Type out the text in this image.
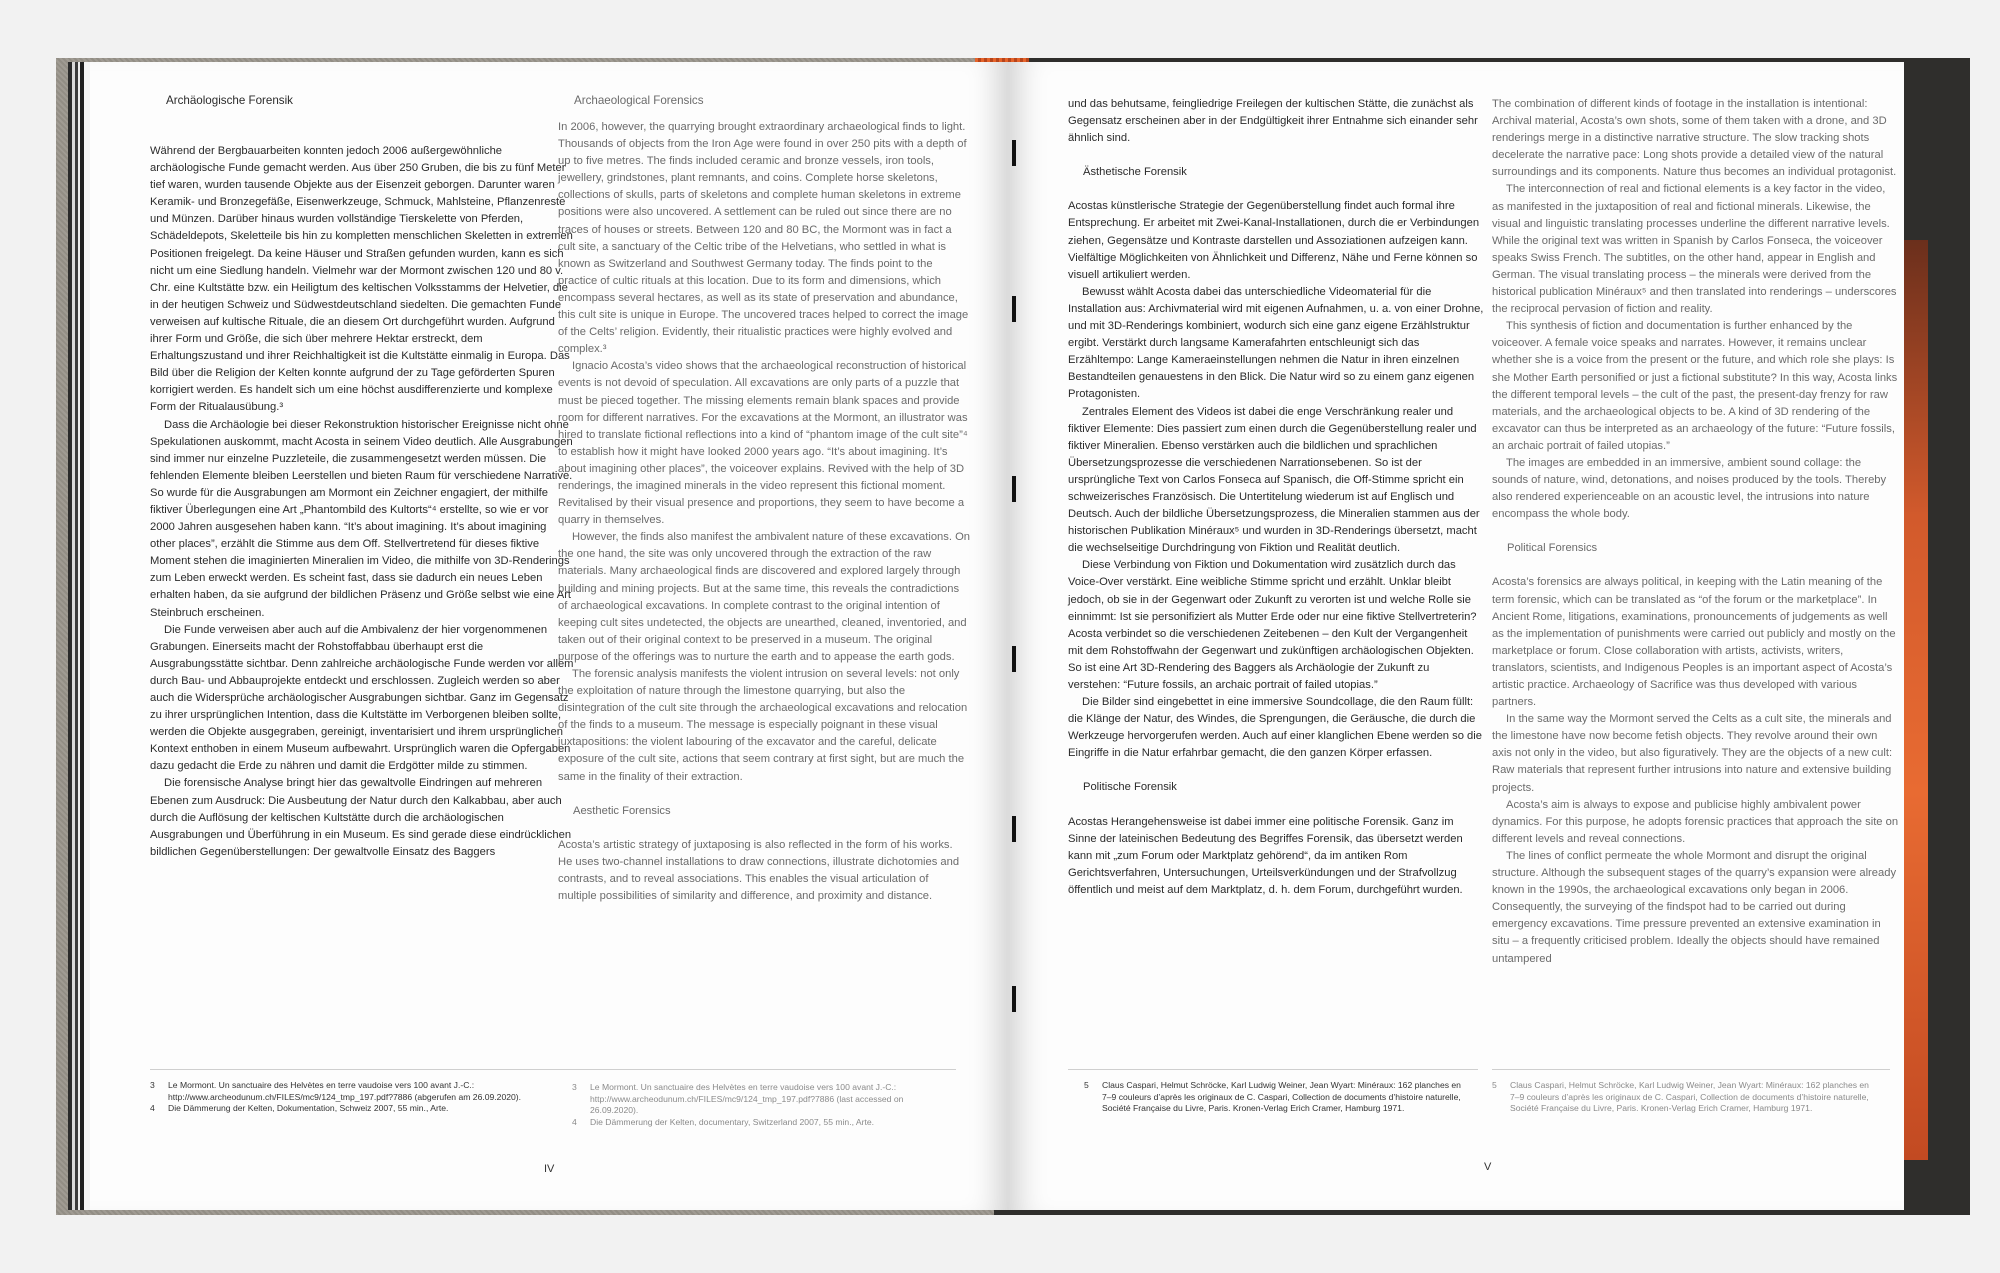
Archäologische Forensik

Während der Bergbauarbeiten konnten jedoch 2006 außergewöhnliche archäologische Funde gemacht werden. Aus über 250 Gruben, die bis zu fünf Meter tief waren, wurden tausende Objekte aus der Eisenzeit geborgen. Darunter waren Keramik- und Bronzegefäße, Eisenwerkzeuge, Schmuck, Mahlsteine, Pflanzenreste und Münzen. Darüber hinaus wurden vollständige Tierskelette von Pferden, Schädeldepots, Skeletteile bis hin zu kompletten menschlichen Skeletten in extremen Positionen freigelegt. Da keine Häuser und Straßen gefunden wurden, kann es sich nicht um eine Siedlung handeln. Vielmehr war der Mormont zwischen 120 und 80 v. Chr. eine Kultstätte bzw. ein Heiligtum des keltischen Volksstamms der Helvetier, die in der heutigen Schweiz und Südwestdeutschland siedelten. Die gemachten Funde verweisen auf kultische Rituale, die an diesem Ort durchgeführt wurden. Aufgrund ihrer Form und Größe, die sich über mehrere Hektar erstreckt, dem Erhaltungszustand und ihrer Reichhaltigkeit ist die Kultstätte einmalig in Europa. Das Bild über die Religion der Kelten konnte aufgrund der zu Tage geförderten Spuren korrigiert werden. Es handelt sich um eine höchst ausdifferenzierte und komplexe Form der Ritualausübung.³

Dass die Archäologie bei dieser Rekonstruktion historischer Ereignisse nicht ohne Spekulationen auskommt, macht Acosta in seinem Video deutlich. Alle Ausgrabungen sind immer nur einzelne Puzzleteile, die zusammengesetzt werden müssen. Die fehlenden Elemente bleiben Leerstellen und bieten Raum für verschiedene Narrative. So wurde für die Ausgrabungen am Mormont ein Zeichner engagiert, der mithilfe fiktiver Überlegungen eine Art „Phantombild des Kultorts“⁴ erstellte, so wie er vor 2000 Jahren ausgesehen haben kann. “It’s about imagining. It’s about imagining other places”, erzählt die Stimme aus dem Off. Stellvertretend für dieses fiktive Moment stehen die imaginierten Mineralien im Video, die mithilfe von 3D-Renderings zum Leben erweckt werden. Es scheint fast, dass sie dadurch ein neues Leben erhalten haben, da sie aufgrund der bildlichen Präsenz und Größe selbst wie eine Art Steinbruch erscheinen.

Die Funde verweisen aber auch auf die Ambivalenz der hier vorgenommenen Grabungen. Einerseits macht der Rohstoffabbau überhaupt erst die Ausgrabungsstätte sichtbar. Denn zahlreiche archäologische Funde werden vor allem durch Bau- und Abbauprojekte entdeckt und erschlossen. Zugleich werden so aber auch die Widersprüche archäologischer Ausgrabungen sichtbar. Ganz im Gegensatz zu ihrer ursprünglichen Intention, dass die Kultstätte im Verborgenen bleiben sollte, werden die Objekte ausgegraben, gereinigt, inventarisiert und ihrem ursprünglichen Kontext enthoben in einem Museum aufbewahrt. Ursprünglich waren die Opfergaben dazu gedacht die Erde zu nähren und damit die Erdgötter milde zu stimmen.

Die forensische Analyse bringt hier das gewaltvolle Eindringen auf mehreren Ebenen zum Ausdruck: Die Ausbeutung der Natur durch den Kalkabbau, aber auch durch die Auflösung der keltischen Kultstätte durch die archäologischen Ausgrabungen und Überführung in ein Museum. Es sind gerade diese eindrücklichen bildlichen Gegenüberstellungen: Der gewaltvolle Einsatz des Baggers

Archaeological Forensics

In 2006, however, the quarrying brought extraordinary archaeological finds to light. Thousands of objects from the Iron Age were found in over 250 pits with a depth of up to five metres. The finds included ceramic and bronze vessels, iron tools, jewellery, grindstones, plant remnants, and coins. Complete horse skeletons, collections of skulls, parts of skeletons and complete human skeletons in extreme positions were also uncovered. A settlement can be ruled out since there are no traces of houses or streets. Between 120 and 80 BC, the Mormont was in fact a cult site, a sanctuary of the Celtic tribe of the Helvetians, who settled in what is known as Switzerland and Southwest Germany today. The finds point to the practice of cultic rituals at this location. Due to its form and dimensions, which encompass several hectares, as well as its state of preservation and abundance, this cult site is unique in Europe. The uncovered traces helped to correct the image of the Celts’ religion. Evidently, their ritualistic practices were highly evolved and complex.³

Ignacio Acosta’s video shows that the archaeological reconstruction of historical events is not devoid of speculation. All excavations are only parts of a puzzle that must be pieced together. The missing elements remain blank spaces and provide room for different narratives. For the excavations at the Mormont, an illustrator was hired to translate fictional reflections into a kind of “phantom image of the cult site”⁴ to establish how it might have looked 2000 years ago. “It’s about imagining. It’s about imagining other places”, the voiceover explains. Revived with the help of 3D renderings, the imagined minerals in the video represent this fictional moment. Revitalised by their visual presence and proportions, they seem to have become a quarry in themselves.

However, the finds also manifest the ambivalent nature of these excavations. On the one hand, the site was only uncovered through the extraction of the raw materials. Many archaeological finds are discovered and explored largely through building and mining projects. But at the same time, this reveals the contradictions of archaeological excavations. In complete contrast to the original intention of keeping cult sites undetected, the objects are unearthed, cleaned, inventoried, and taken out of their original context to be preserved in a museum. The original purpose of the offerings was to nurture the earth and to appease the earth gods.

The forensic analysis manifests the violent intrusion on several levels: not only the exploitation of nature through the limestone quarrying, but also the disintegration of the cult site through the archaeological excavations and relocation of the finds to a museum. The message is especially poignant in these visual juxtapositions: the violent labouring of the excavator and the careful, delicate exposure of the cult site, actions that seem contrary at first sight, but are much the same in the finality of their extraction.

Aesthetic Forensics

Acosta’s artistic strategy of juxtaposing is also reflected in the form of his works. He uses two-channel installations to draw connections, illustrate dichotomies and contrasts, and to reveal associations. This enables the visual articulation of multiple possibilities of similarity and difference, and proximity and distance.

3	Le Mormont. Un sanctuaire des Helvètes en terre vaudoise vers 100 avant J.-C.: http://www.archeodunum.ch/FILES/mc9/124_tmp_197.pdf?7886 (abgerufen am 26.09.2020).
4	Die Dämmerung der Kelten, Dokumentation, Schweiz 2007, 55 min., Arte.
3	Le Mormont. Un sanctuaire des Helvètes en terre vaudoise vers 100 avant J.-C.: http://www.archeodunum.ch/FILES/mc9/124_tmp_197.pdf?7886 (last accessed on 26.09.2020).
4	Die Dämmerung der Kelten, documentary, Switzerland 2007, 55 min., Arte.
IV

und das behutsame, feingliedrige Freilegen der kultischen Stätte, die zunächst als Gegensatz erscheinen aber in der Endgültigkeit ihrer Entnahme sich einander sehr ähnlich sind.

Ästhetische Forensik

Acostas künstlerische Strategie der Gegenüberstellung findet auch formal ihre Entsprechung. Er arbeitet mit Zwei-Kanal-Installationen, durch die er Verbindungen ziehen, Gegensätze und Kontraste darstellen und Assoziationen aufzeigen kann. Vielfältige Möglichkeiten von Ähnlichkeit und Differenz, Nähe und Ferne können so visuell artikuliert werden.

Bewusst wählt Acosta dabei das unterschiedliche Videomaterial für die Installation aus: Archivmaterial wird mit eigenen Aufnahmen, u. a. von einer Drohne, und mit 3D-Renderings kombiniert, wodurch sich eine ganz eigene Erzählstruktur ergibt. Verstärkt durch langsame Kamerafahrten entschleunigt sich das Erzähltempo: Lange Kameraeinstellungen nehmen die Natur in ihren einzelnen Bestandteilen genauestens in den Blick. Die Natur wird so zu einem ganz eigenen Protagonisten.

Zentrales Element des Videos ist dabei die enge Verschränkung realer und fiktiver Elemente: Dies passiert zum einen durch die Gegenüberstellung realer und fiktiver Mineralien. Ebenso verstärken auch die bildlichen und sprachlichen Übersetzungsprozesse die verschiedenen Narrationsebenen. So ist der ursprüngliche Text von Carlos Fonseca auf Spanisch, die Off-Stimme spricht ein schweizerisches Französisch. Die Untertitelung wiederum ist auf Englisch und Deutsch. Auch der bildliche Übersetzungsprozess, die Mineralien stammen aus der historischen Publikation Minéraux⁵ und wurden in 3D-Renderings übersetzt, macht die wechselseitige Durchdringung von Fiktion und Realität deutlich.

Diese Verbindung von Fiktion und Dokumentation wird zusätzlich durch das Voice-Over verstärkt. Eine weibliche Stimme spricht und erzählt. Unklar bleibt jedoch, ob sie in der Gegenwart oder Zukunft zu verorten ist und welche Rolle sie einnimmt: Ist sie personifiziert als Mutter Erde oder nur eine fiktive Stellvertreterin? Acosta verbindet so die verschiedenen Zeitebenen – den Kult der Vergangenheit mit dem Rohstoffwahn der Gegenwart und zukünftigen archäologischen Objekten. So ist eine Art 3D-Rendering des Baggers als Archäologie der Zukunft zu verstehen: “Future fossils, an archaic portrait of failed utopias.”

Die Bilder sind eingebettet in eine immersive Soundcollage, die den Raum füllt: die Klänge der Natur, des Windes, die Sprengungen, die Geräusche, die durch die Werkzeuge hervorgerufen werden. Auch auf einer klanglichen Ebene werden so die Eingriffe in die Natur erfahrbar gemacht, die den ganzen Körper erfassen.

Politische Forensik

Acostas Herangehensweise ist dabei immer eine politische Forensik. Ganz im Sinne der lateinischen Bedeutung des Begriffes Forensik, das übersetzt werden kann mit „zum Forum oder Marktplatz gehörend“, da im antiken Rom Gerichtsverfahren, Untersuchungen, Urteilsverkündungen und der Strafvollzug öffentlich und meist auf dem Marktplatz, d. h. dem Forum, durchgeführt wurden.

The combination of different kinds of footage in the installation is intentional: Archival material, Acosta’s own shots, some of them taken with a drone, and 3D renderings merge in a distinctive narrative structure. The slow tracking shots decelerate the narrative pace: Long shots provide a detailed view of the natural surroundings and its components. Nature thus becomes an individual protagonist.

The interconnection of real and fictional elements is a key factor in the video, as manifested in the juxtaposition of real and fictional minerals. Likewise, the visual and linguistic translating processes underline the different narrative levels. While the original text was written in Spanish by Carlos Fonseca, the voiceover speaks Swiss French. The subtitles, on the other hand, appear in English and German. The visual translating process – the minerals were derived from the historical publication Minéraux⁵ and then translated into renderings – underscores the reciprocal pervasion of fiction and reality.

This synthesis of fiction and documentation is further enhanced by the voiceover. A female voice speaks and narrates. However, it remains unclear whether she is a voice from the present or the future, and which role she plays: Is she Mother Earth personified or just a fictional substitute? In this way, Acosta links the different temporal levels – the cult of the past, the present-day frenzy for raw materials, and the archaeological objects to be. A kind of 3D rendering of the excavator can thus be interpreted as an archaeology of the future: “Future fossils, an archaic portrait of failed utopias.”

The images are embedded in an immersive, ambient sound collage: the sounds of nature, wind, detonations, and noises produced by the tools. Thereby also rendered experienceable on an acoustic level, the intrusions into nature encompass the whole body.

Political Forensics

Acosta’s forensics are always political, in keeping with the Latin meaning of the term forensic, which can be translated as “of the forum or the marketplace”. In Ancient Rome, litigations, examinations, pronouncements of judgements as well as the implementation of punishments were carried out publicly and mostly on the marketplace or forum. Close collaboration with artists, activists, writers, translators, scientists, and Indigenous Peoples is an important aspect of Acosta’s artistic practice. Archaeology of Sacrifice was thus developed with various partners.

In the same way the Mormont served the Celts as a cult site, the minerals and the limestone have now become fetish objects. They revolve around their own axis not only in the video, but also figuratively. They are the objects of a new cult: Raw materials that represent further intrusions into nature and extensive building projects.

Acosta’s aim is always to expose and publicise highly ambivalent power dynamics. For this purpose, he adopts forensic practices that approach the site on different levels and reveal connections.

The lines of conflict permeate the whole Mormont and disrupt the original structure. Although the subsequent stages of the quarry’s expansion were already known in the 1990s, the archaeological excavations only began in 2006. Consequently, the surveying of the findspot had to be carried out during emergency excavations. Time pressure prevented an extensive examination in situ – a frequently criticised problem. Ideally the objects should have remained untampered

5	Claus Caspari, Helmut Schröcke, Karl Ludwig Weiner, Jean Wyart: Minéraux: 162 planches en 7–9 couleurs d’après les originaux de C. Caspari, Collection de documents d’histoire naturelle, Société Française du Livre, Paris. Kronen-Verlag Erich Cramer, Hamburg 1971.
5	Claus Caspari, Helmut Schröcke, Karl Ludwig Weiner, Jean Wyart: Minéraux: 162 planches en 7–9 couleurs d’après les originaux de C. Caspari, Collection de documents d’histoire naturelle, Société Française du Livre, Paris. Kronen-Verlag Erich Cramer, Hamburg 1971.
V
